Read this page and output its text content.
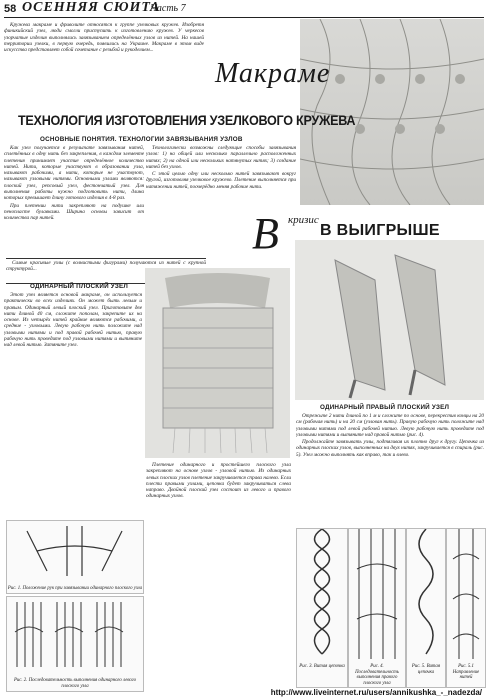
58 ОСЕННЯЯ СЮИТА
Часть 7

Кружева макраме и фриволите относятся к группе узелковых кружев. Изобретя финикийский узел, люди смогли приступить к изготовлению кружев. У черкесов узорчатые изделия выполнялись завязыванием определённых узлов из нитей. На нашей территории узелки, в первую очередь, появились на Украине. Макраме в этом виде искусства представляет собой сочетание с резьбой и рукоделием...

Макраме
ТЕХНОЛОГИЯ ИЗГОТОВЛЕНИЯ УЗЕЛКОВОГО КРУЖЕВА
ОСНОВНЫЕ ПОНЯТИЯ. ТЕХНОЛОГИИ ЗАВЯЗЫВАНИЯ УЗЛОВ

Как узел получается в результате завязывания нитей, сплетённых в одну нить без закрепления, в каждом элементе плетения принимает участие определённое количество нитей. Нити, которые участвуют в образовании узла, называют рабочими, а нити, которые не участвуют, называют узловыми нитями. Основными узлами являются: плоский узел, репсовый узел, фестончатый узел. Для выполнения работы нужно подготовить нити, длина которых превышает длину готового изделия в 4-8 раз.

При плетении нити закрепляют на подушке или пенопласте булавками. Ширина основы зависит от количества пар нитей.

Технологически возможны следующие способы завязывания узлов: 1) на общей или несколько параллельно расположенных нитях; 2) на одной или нескольких натянутых нитях; 3) создание нитей без узлов.

С этой целью одну или несколько нитей завязывают вокруг другой, изготовляя узелковое кружево. Плетение выполняется при натяжении нитей, поочерёдно меняя рабочие нити.

В кризис
В ВЫИГРЫШЕ

Самые красивые узлы (с волнистыми фигурами) получаются из нитей с крупной структурой...

ОДИНАРНЫЙ ПЛОСКИЙ УЗЕЛ

Этот узел является основой макраме, он используется практически во всех изделиях. Он может быть левым и правым. Одинарный левый плоский узел. Приготовьте две нити длиной 40 см, сложите пополам, закрепите их на основе. Из четырёх нитей крайние являются рабочими, а средние - узловыми. Левую рабочую нить положите над узловыми нитями и под правой рабочей нитью, правую рабочую нить проведите под узловыми нитями и вытяните над левой нитью. Затяните узел.

ОДИНАРНЫЙ ПРАВЫЙ ПЛОСКИЙ УЗЕЛ

Отрежьте 2 нити длиной по 1 м и сложите по основе, перекрестив концы на 20 см (рабочая нить) и на 20 см (узловая нить). Правую рабочую нить положите над узловыми нитями под левой рабочей нитью. Левую рабочую нить проведите под узловыми нитями и вытяните над правой нитью (рис. 4).

Продолжайте завязывать узлы, подтягивая их плотно друг к другу. Цепочка из одинарных плоских узлов, выполненных на двух нитях, закручивается в спираль (рис. 5). Узел можно выполнять как вправо, так и влево.

Плетение одинарного и простейшего плоского узла закрепляют на основе узлов - узловой нитью. Из одинарных левых плоских узлов плетение закручивается справа налево. Если плести правыми узлами, цепочка будет закручиваться слева направо. Двойной плоский узел состоит из левого и правого одинарных узлов.

Рис. 1. Положение рук при завязывании одинарного плоского узла
Рис. 2. Последовательность выполнения одинарного левого плоского узла
Рис. 3. Витая цепочка	Рис. 4. Последовательность выполнения правого плоского узла
Рис. 5. Витая цепочка
Рис. 5.1 Направление нитей
http://www.liveinternet.ru/users/annikushka_-_nadezda/
